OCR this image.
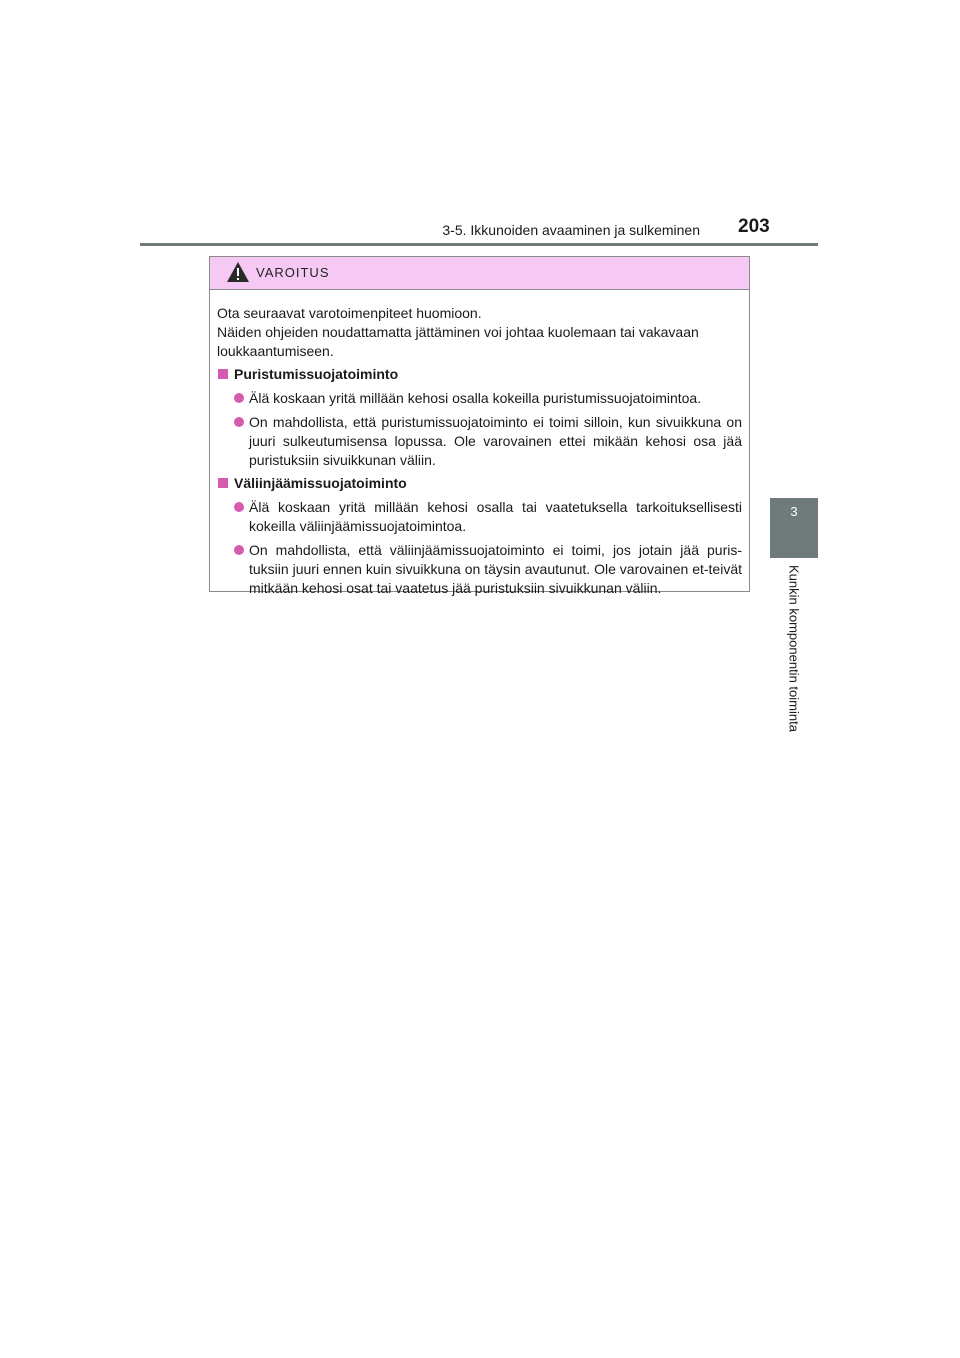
3-5. Ikkunoiden avaaminen ja sulkeminen 203
3
Kunkin komponentin toiminta
VAROITUS
Ota seuraavat varotoimenpiteet huomioon.
Näiden ohjeiden noudattamatta jättäminen voi johtaa kuolemaan tai vakavaan loukkaantumiseen.
Puristumissuojatoiminto
Älä koskaan yritä millään kehosi osalla kokeilla puristumissuojatoimintoa.
On mahdollista, että puristumissuojatoiminto ei toimi silloin, kun sivuikkuna on juuri sulkeutumisensa lopussa. Ole varovainen ettei mikään kehosi osa jää puristuksiin sivuikkunan väliin.
Väliinjäämissuojatoiminto
Älä koskaan yritä millään kehosi osalla tai vaatetuksella tarkoituksellisesti kokeilla väliinjäämissuojatoimintoa.
On mahdollista, että väliinjäämissuojatoiminto ei toimi, jos jotain jää puris-tuksiin juuri ennen kuin sivuikkuna on täysin avautunut. Ole varovainen et-teivät mitkään kehosi osat tai vaatetus jää puristuksiin sivuikkunan väliin.
